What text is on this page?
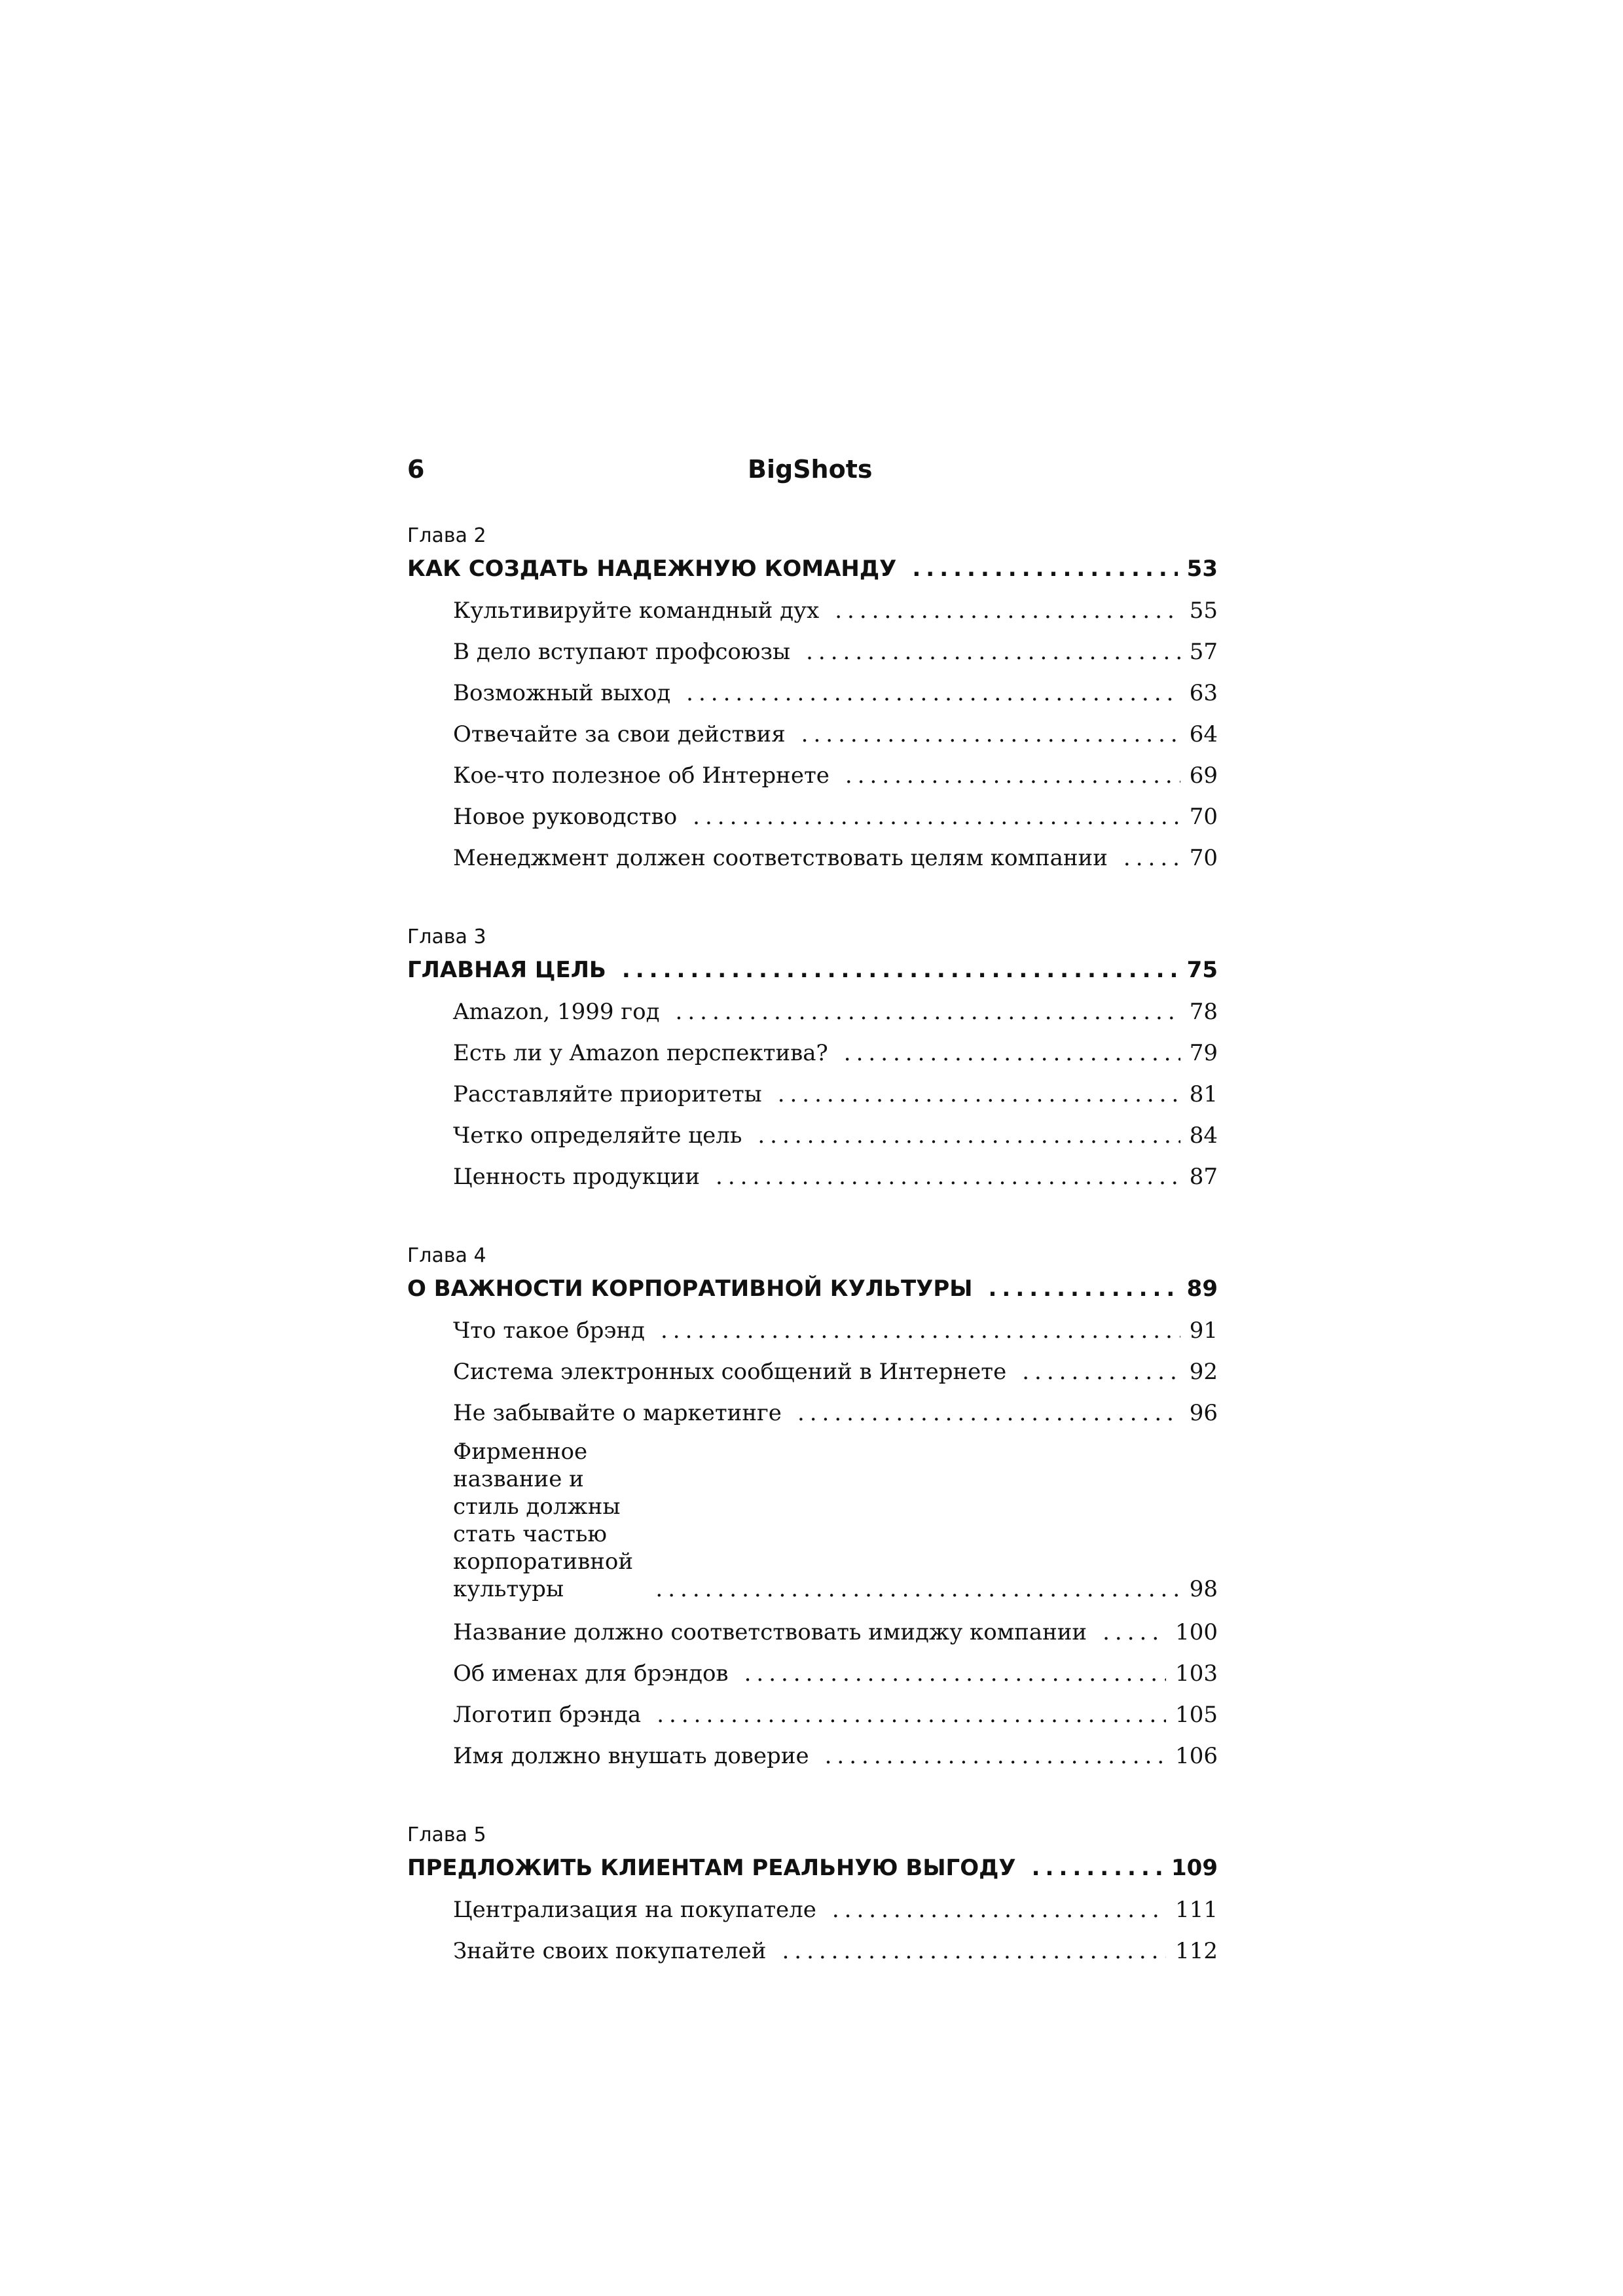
6	BigShots
Глава 2
КАК СОЗДАТЬ НАДЕЖНУЮ КОМАНДУ .....	53
Культивируйте командный дух .....	55
В дело вступают профсоюзы .....	57
Возможный выход .....	63
Отвечайте за свои действия .....	64
Кое-что полезное об Интернете .....	69
Новое руководство .....	70
Менеджмент должен соответствовать целям компании .....	70
Глава 3
ГЛАВНАЯ ЦЕЛЬ .....	75
Amazon, 1999 год .....	78
Есть ли у Amazon перспектива? .....	79
Расставляйте приоритеты .....	81
Четко определяйте цель .....	84
Ценность продукции .....	87
Глава 4
О ВАЖНОСТИ КОРПОРАТИВНОЙ КУЛЬТУРЫ .....	89
Что такое брэнд .....	91
Система электронных сообщений в Интернете .....	92
Не забывайте о маркетинге .....	96
Фирменное название и стиль должны стать частью корпоративной культуры .....	98
Название должно соответствовать имиджу компании .....	100
Об именах для брэндов .....	103
Логотип брэнда .....	105
Имя должно внушать доверие .....	106
Глава 5
ПРЕДЛОЖИТЬ КЛИЕНТАМ РЕАЛЬНУЮ ВЫГОДУ .....	109
Централизация на покупателе .....	111
Знайте своих покупателей .....	112
